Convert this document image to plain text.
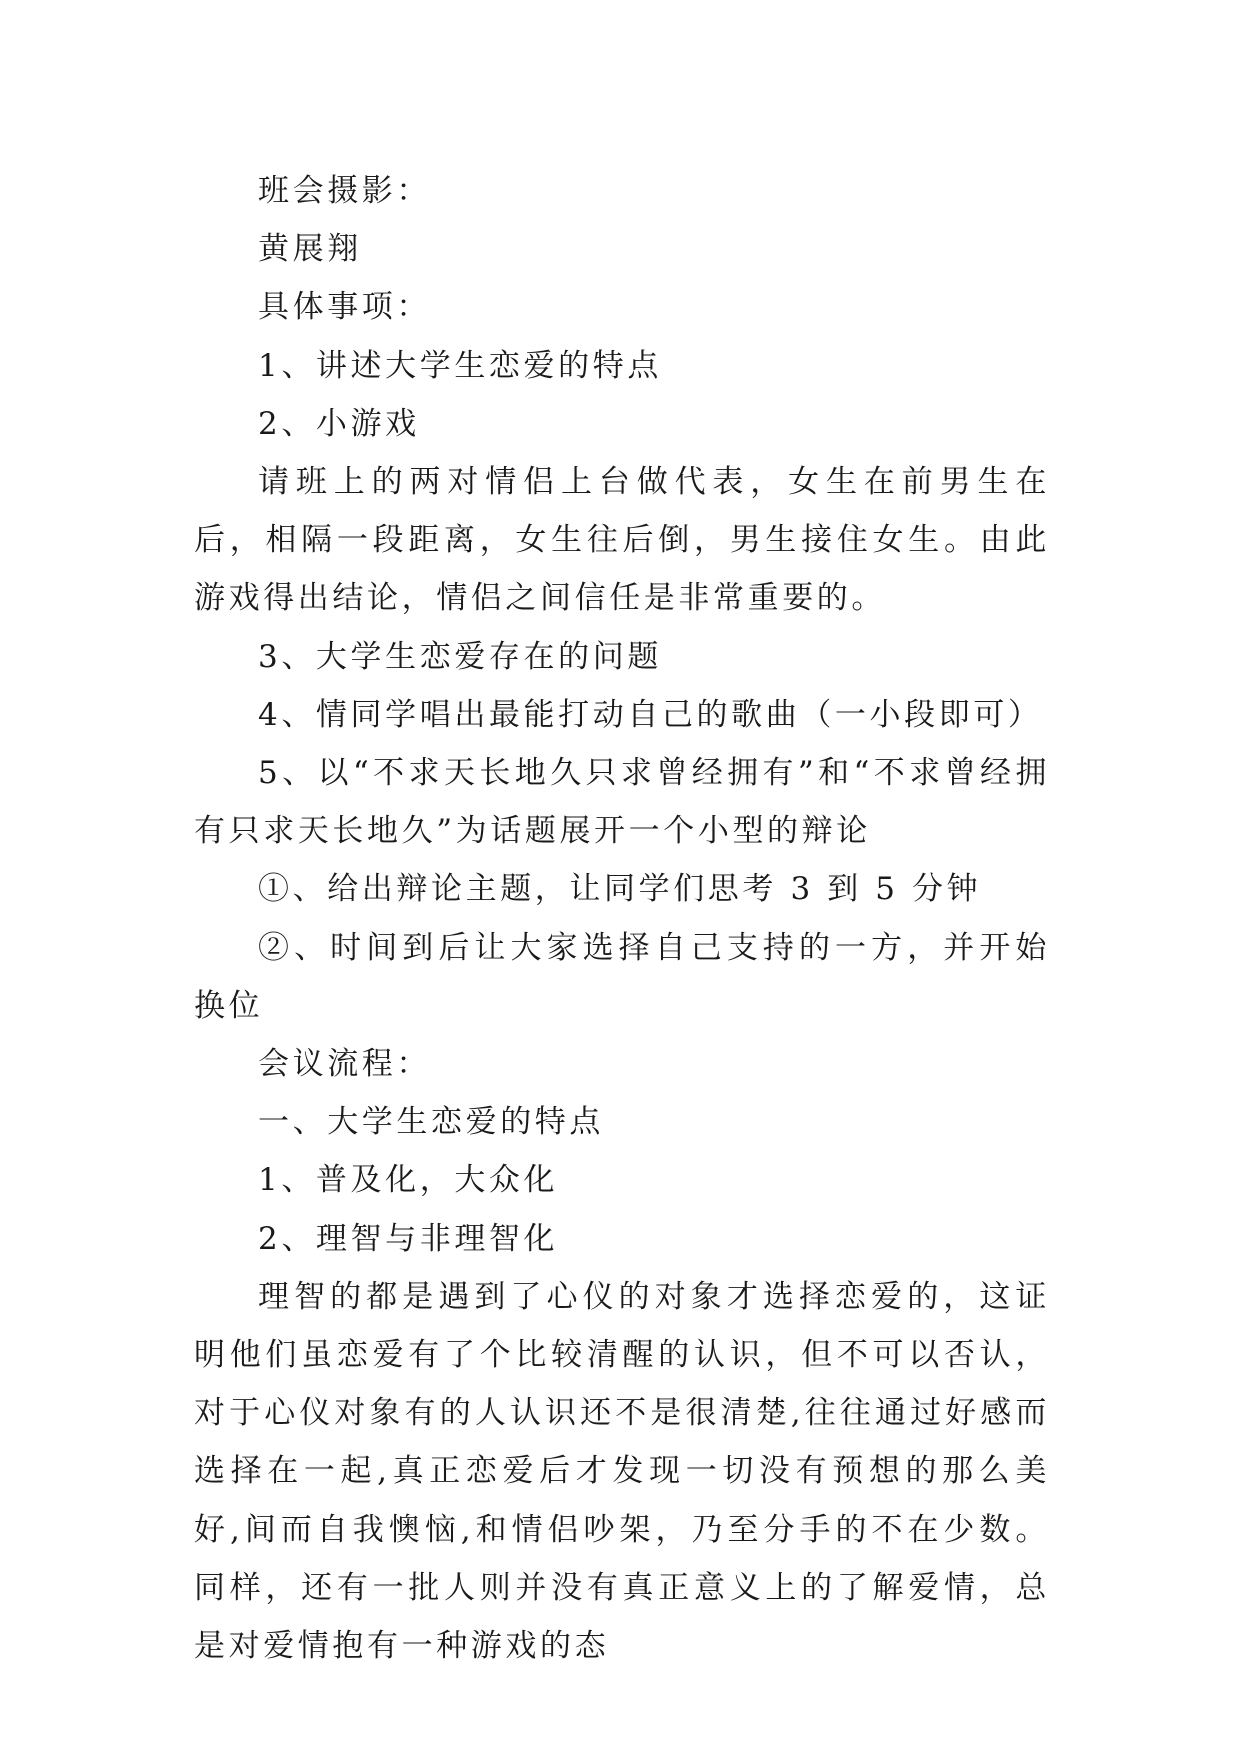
班会摄影：

黄展翔

具体事项：

1、讲述大学生恋爱的特点

2、小游戏

请班上的两对情侣上台做代表，女生在前男生在后，相隔一段距离，女生往后倒，男生接住女生。由此游戏得出结论，情侣之间信任是非常重要的。

3、大学生恋爱存在的问题

4、情同学唱出最能打动自己的歌曲（一小段即可）

5、以“不求天长地久只求曾经拥有”和“不求曾经拥有只求天长地久”为话题展开一个小型的辩论

①、给出辩论主题，让同学们思考 3 到 5 分钟

②、时间到后让大家选择自己支持的一方，并开始换位

会议流程：

一、大学生恋爱的特点

1、普及化，大众化

2、理智与非理智化

理智的都是遇到了心仪的对象才选择恋爱的，这证明他们虽恋爱有了个比较清醒的认识，但不可以否认，对于心仪对象有的人认识还不是很清楚,往往通过好感而选择在一起,真正恋爱后才发现一切没有预想的那么美好,间而自我懊恼,和情侣吵架，乃至分手的不在少数。同样，还有一批人则并没有真正意义上的了解爱情，总是对爱情抱有一种游戏的态
